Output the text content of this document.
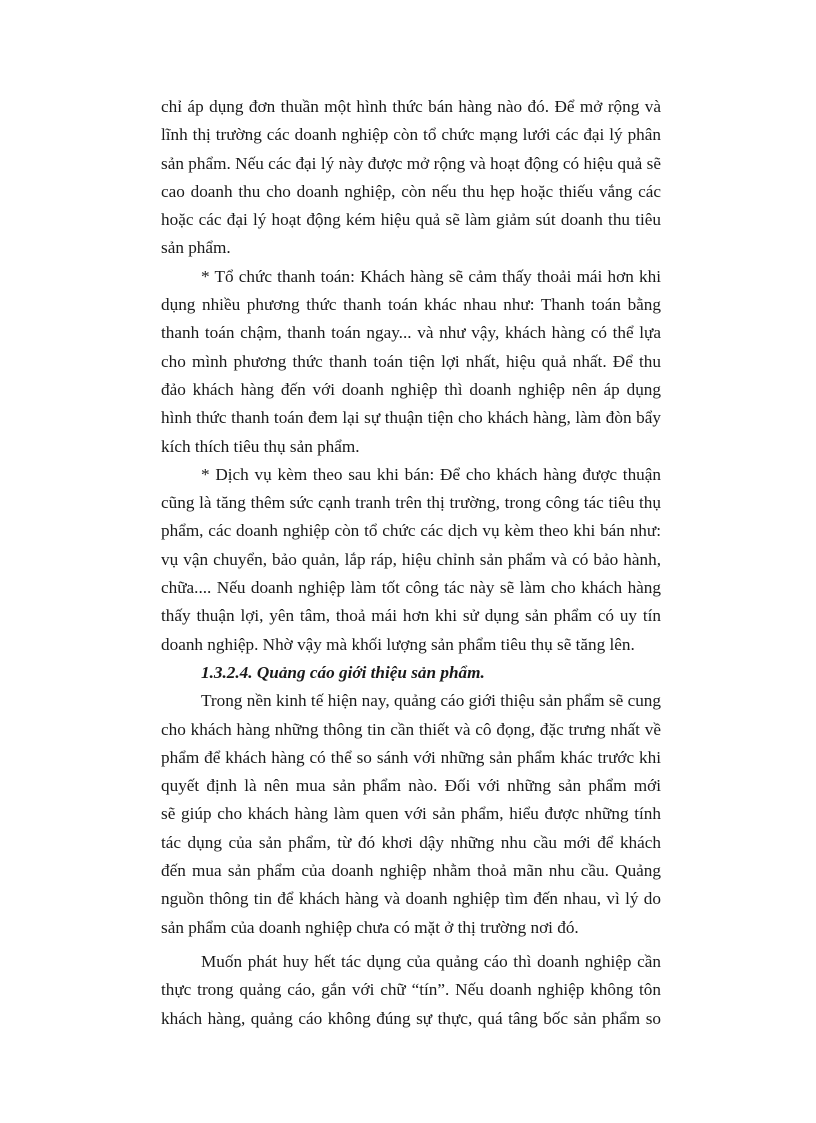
chỉ áp dụng đơn thuần một hình thức bán hàng nào đó. Để mở rộng và
lĩnh thị trường các doanh nghiệp còn tổ chức mạng lưới các đại lý phân
sản phẩm. Nếu các đại lý này được mở rộng và hoạt động có hiệu quả sẽ
cao doanh thu cho doanh nghiệp, còn nếu thu hẹp hoặc thiếu vắng các
hoặc các đại lý hoạt động kém hiệu quả sẽ làm giảm sút doanh thu tiêu
sản phẩm.
* Tổ chức thanh toán: Khách hàng sẽ cảm thấy thoải mái hơn khi
dụng nhiều phương thức thanh toán khác nhau như: Thanh toán bằng
thanh toán chậm, thanh toán ngay... và như vậy, khách hàng có thể lựa
cho mình phương thức thanh toán tiện lợi nhất, hiệu quả nhất. Để thu
đảo khách hàng đến với doanh nghiệp thì doanh nghiệp nên áp dụng
hình thức thanh toán đem lại sự thuận tiện cho khách hàng, làm đòn bẩy
kích thích tiêu thụ sản phẩm.
* Dịch vụ kèm theo sau khi bán: Để cho khách hàng được thuận
cũng là tăng thêm sức cạnh tranh trên thị trường, trong công tác tiêu thụ
phẩm, các doanh nghiệp còn tổ chức các dịch vụ kèm theo khi bán như:
vụ vận chuyển, bảo quản, lắp ráp, hiệu chỉnh sản phẩm và có bảo hành,
chữa.... Nếu doanh nghiệp làm tốt công tác này sẽ làm cho khách hàng
thấy thuận lợi, yên tâm, thoả mái hơn khi sử dụng sản phẩm có uy tín
doanh nghiệp. Nhờ vậy mà khối lượng sản phẩm tiêu thụ sẽ tăng lên.
1.3.2.4. Quảng cáo giới thiệu sản phẩm.
Trong nền kinh tế hiện nay, quảng cáo giới thiệu sản phẩm sẽ cung
cho khách hàng những thông tin cần thiết và cô đọng, đặc trưng nhất về
phẩm để khách hàng có thể so sánh với những sản phẩm khác trước khi
quyết định là nên mua sản phẩm nào. Đối với những sản phẩm mới
sẽ giúp cho khách hàng làm quen với sản phẩm, hiểu được những tính
tác dụng của sản phẩm, từ đó khơi dậy những nhu cầu mới để khách
đến mua sản phẩm của doanh nghiệp nhằm thoả mãn nhu cầu. Quảng
nguồn thông tin để khách hàng và doanh nghiệp tìm đến nhau, vì lý do
sản phẩm của doanh nghiệp chưa có mặt ở thị trường nơi đó.
Muốn phát huy hết tác dụng của quảng cáo thì doanh nghiệp cần
thực trong quảng cáo, gắn với chữ “tín”. Nếu doanh nghiệp không tôn
khách hàng, quảng cáo không đúng sự thực, quá tâng bốc sản phẩm so
